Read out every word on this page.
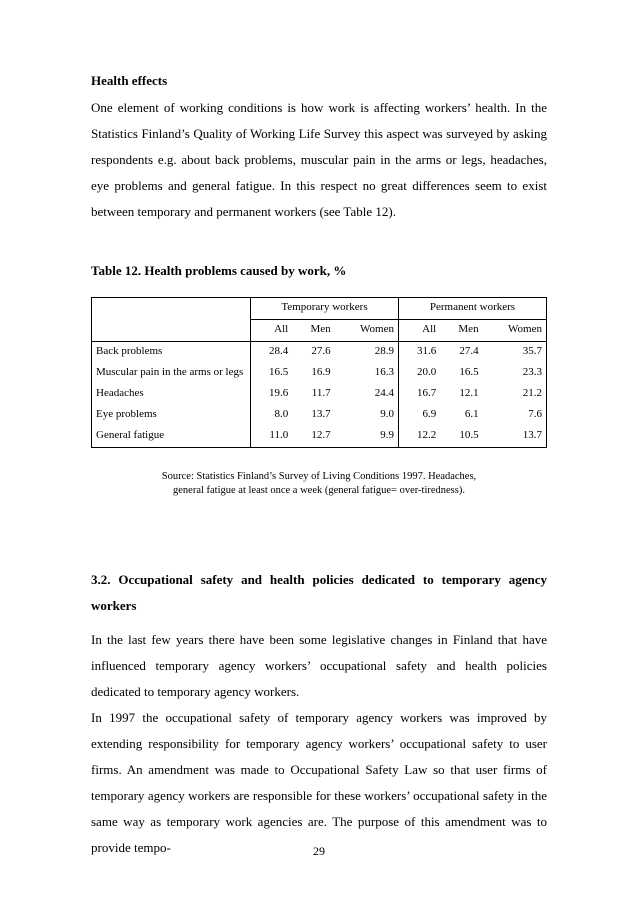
Health effects

One element of working conditions is how work is affecting workers’ health. In the Statistics Finland’s Quality of Working Life Survey this aspect was surveyed by asking respondents e.g. about back problems, muscular pain in the arms or legs, headaches, eye problems and general fatigue. In this respect no great differences seem to exist between temporary and permanent workers (see Table 12).

Table 12. Health problems caused by work, %
	Temporary workers			Permanent workers		
	All	Men	Women	All	Men	Women
Back problems	28.4	27.6	28.9	31.6	27.4	35.7
Muscular pain in the arms or legs	16.5	16.9	16.3	20.0	16.5	23.3
Headaches	19.6	11.7	24.4	16.7	12.1	21.2
Eye problems	8.0	13.7	9.0	6.9	6.1	7.6
General fatigue	11.0	12.7	9.9	12.2	10.5	13.7
Source: Statistics Finland’s Survey of Living Conditions 1997. Headaches,
general fatigue at least once a week (general fatigue= over-tiredness).
3.2. Occupational safety and health policies dedicated to temporary agency workers

In the last few years there have been some legislative changes in Finland that have influenced temporary agency workers’ occupational safety and health policies dedicated to temporary agency workers.

In 1997 the occupational safety of temporary agency workers was improved by extending responsibility for temporary agency workers’ occupational safety to user firms. An amendment was made to Occupational Safety Law so that user firms of temporary agency workers are responsible for these workers’ occupational safety in the same way as temporary work agencies are. The purpose of this amendment was to provide tempo-	29
